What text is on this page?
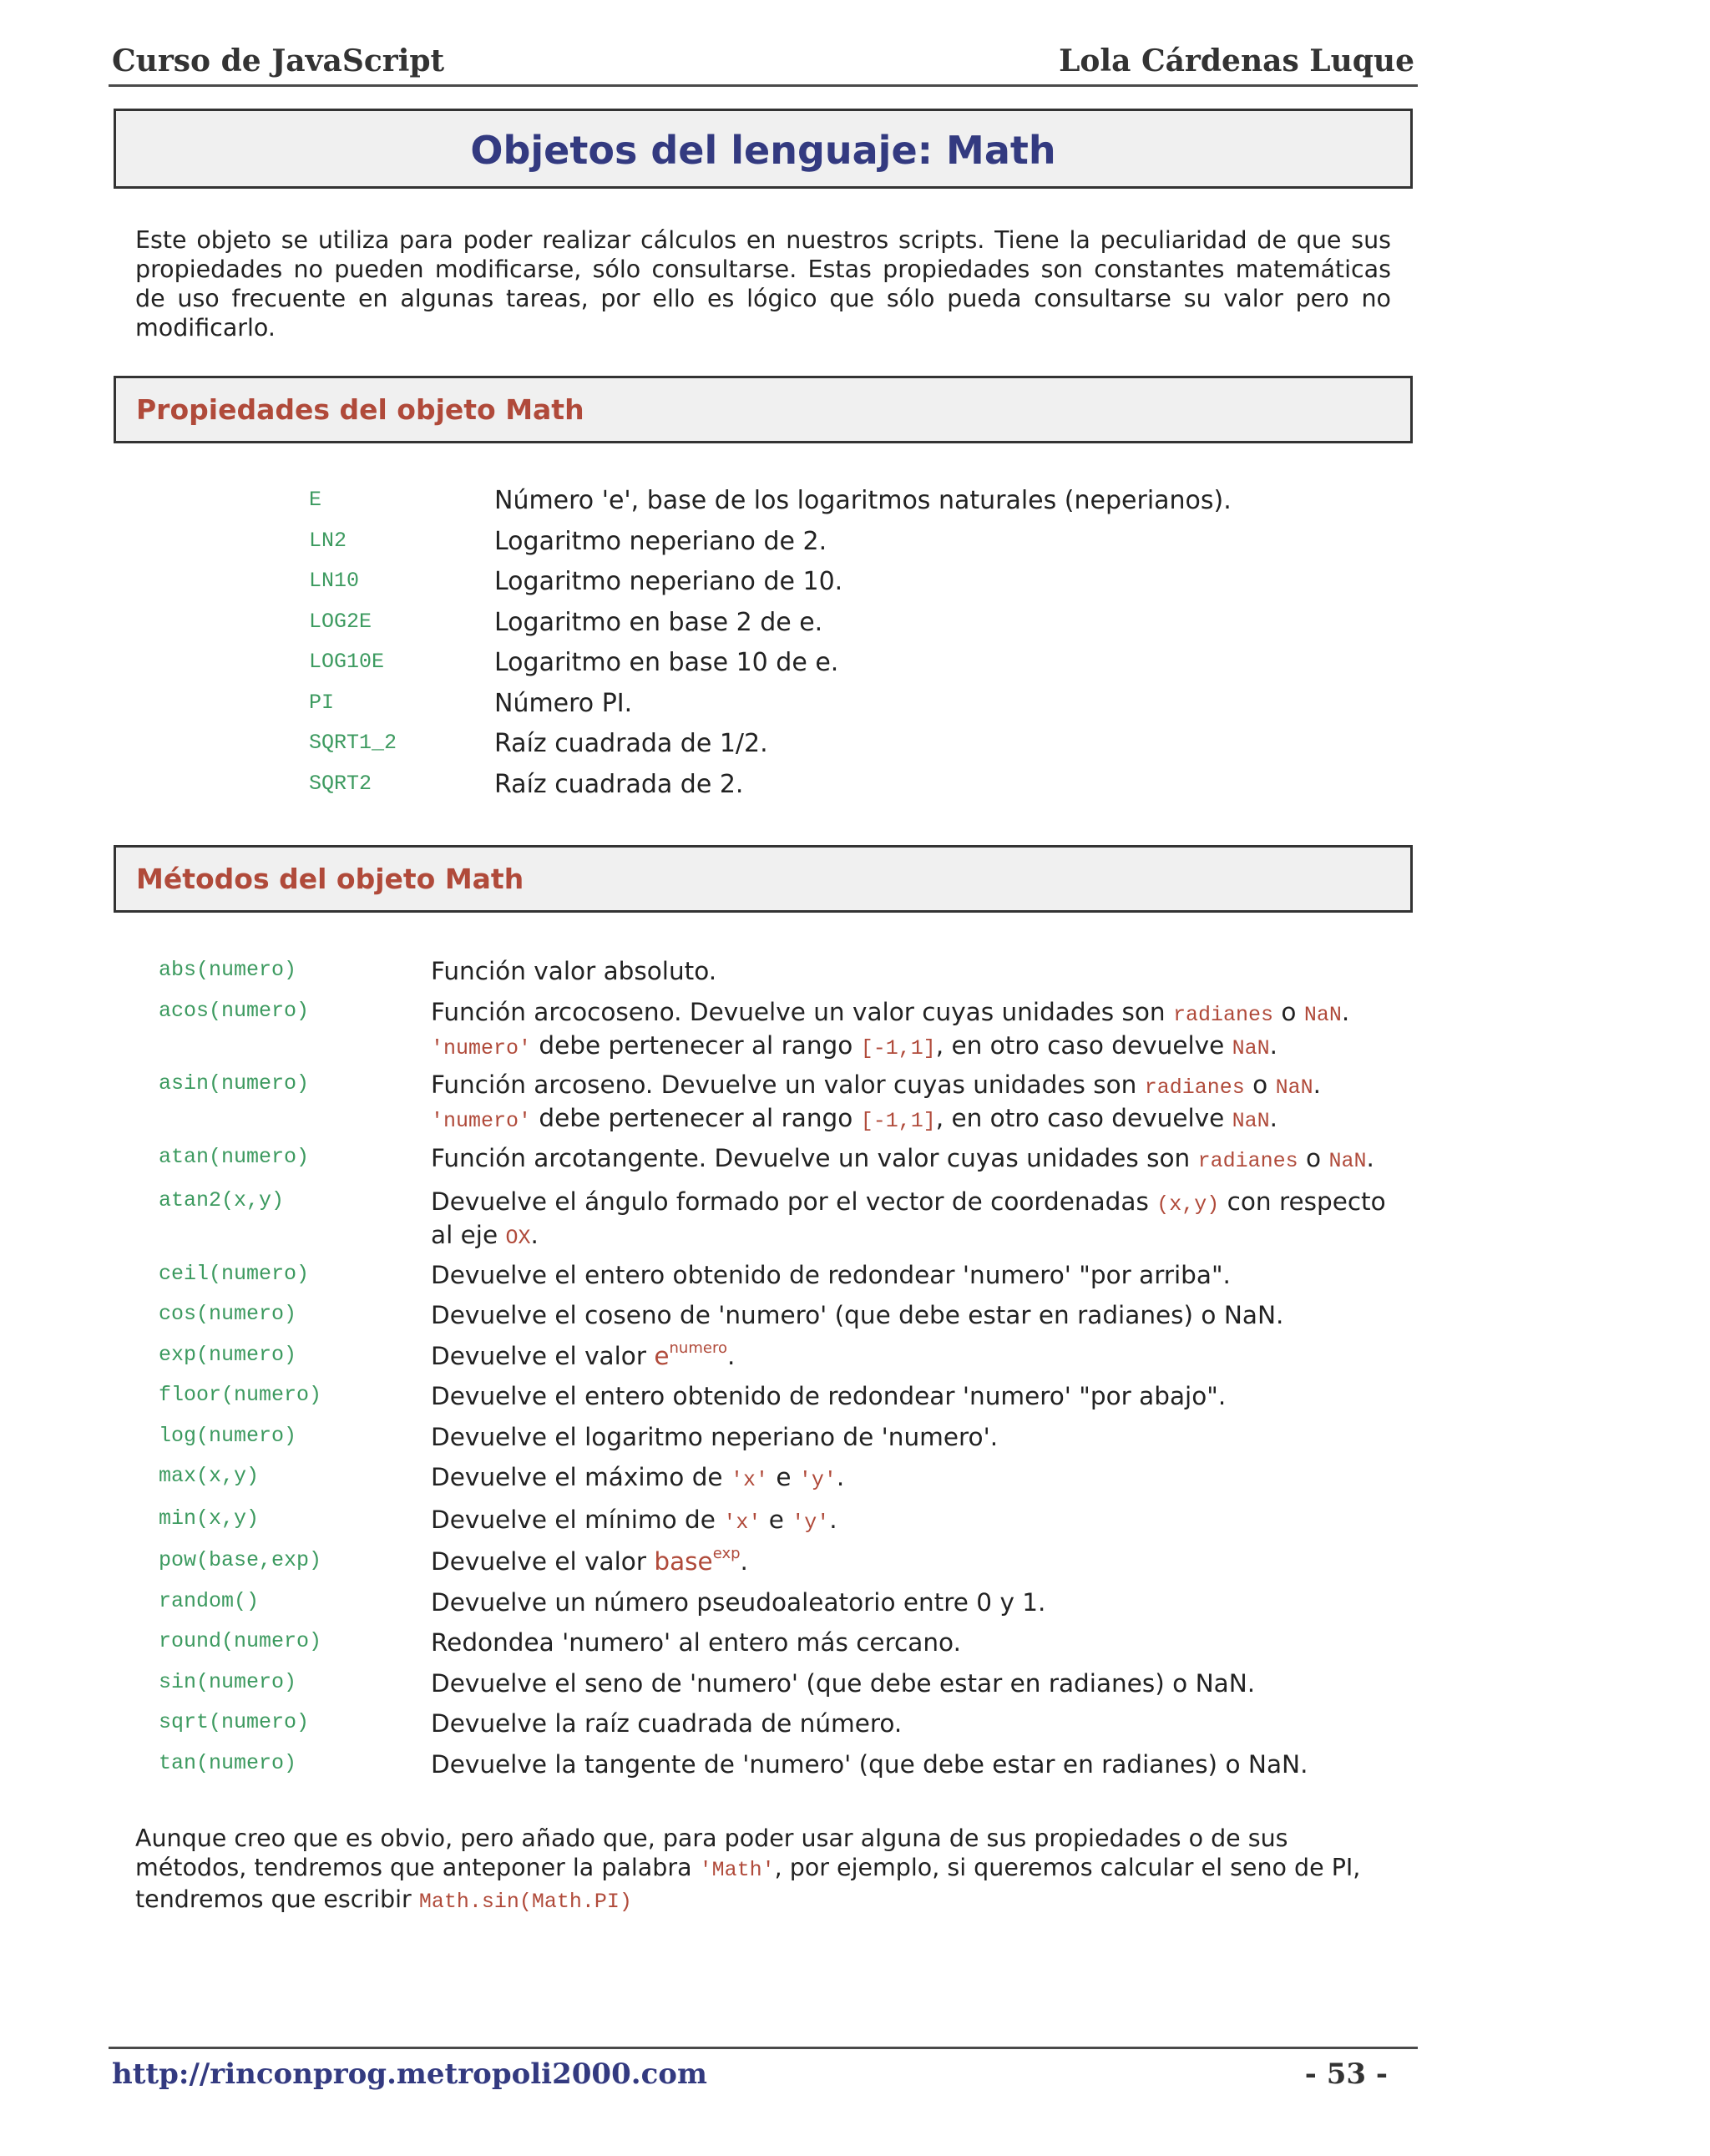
Curso de JavaScript	Lola Cárdenas Luque
Objetos del lenguaje: Math
Este objeto se utiliza para poder realizar cálculos en nuestros scripts. Tiene la peculiaridad de que sus propiedades no pueden modificarse, sólo consultarse. Estas propiedades son constantes matemáticas de uso frecuente en algunas tareas, por ello es lógico que sólo pueda consultarse su valor pero no modificarlo.
Propiedades del objeto Math
E	Número 'e', base de los logaritmos naturales (neperianos).
LN2	Logaritmo neperiano de 2.
LN10	Logaritmo neperiano de 10.
LOG2E	Logaritmo en base 2 de e.
LOG10E	Logaritmo en base 10 de e.
PI	Número PI.
SQRT1_2	Raíz cuadrada de 1/2.
SQRT2	Raíz cuadrada de 2.
Métodos del objeto Math
abs(numero)	Función valor absoluto.
acos(numero)	Función arcocoseno. Devuelve un valor cuyas unidades son radianes o NaN.
'numero' debe pertenecer al rango [-1,1], en otro caso devuelve NaN.
asin(numero)	Función arcoseno. Devuelve un valor cuyas unidades son radianes o NaN.
'numero' debe pertenecer al rango [-1,1], en otro caso devuelve NaN.
atan(numero)	Función arcotangente. Devuelve un valor cuyas unidades son radianes o NaN.
atan2(x,y)	Devuelve el ángulo formado por el vector de coordenadas (x,y) con respecto al eje OX.
ceil(numero)	Devuelve el entero obtenido de redondear 'numero' "por arriba".
cos(numero)	Devuelve el coseno de 'numero' (que debe estar en radianes) o NaN.
exp(numero)	Devuelve el valor $e^{numero}$.
floor(numero)	Devuelve el entero obtenido de redondear 'numero' "por abajo".
log(numero)	Devuelve el logaritmo neperiano de 'numero'.
max(x,y)	Devuelve el máximo de 'x' e 'y'.
min(x,y)	Devuelve el mínimo de 'x' e 'y'.
pow(base,exp)	Devuelve el valor base$^{exp}$.
random()	Devuelve un número pseudoaleatorio entre 0 y 1.
round(numero)	Redondea 'numero' al entero más cercano.
sin(numero)	Devuelve el seno de 'numero' (que debe estar en radianes) o NaN.
sqrt(numero)	Devuelve la raíz cuadrada de número.
tan(numero)	Devuelve la tangente de 'numero' (que debe estar en radianes) o NaN.
Aunque creo que es obvio, pero añado que, para poder usar alguna de sus propiedades o de sus métodos, tendremos que anteponer la palabra 'Math', por ejemplo, si queremos calcular el seno de PI, tendremos que escribir Math.sin(Math.PI)
http://rinconprog.metropoli2000.com	- 53 -
